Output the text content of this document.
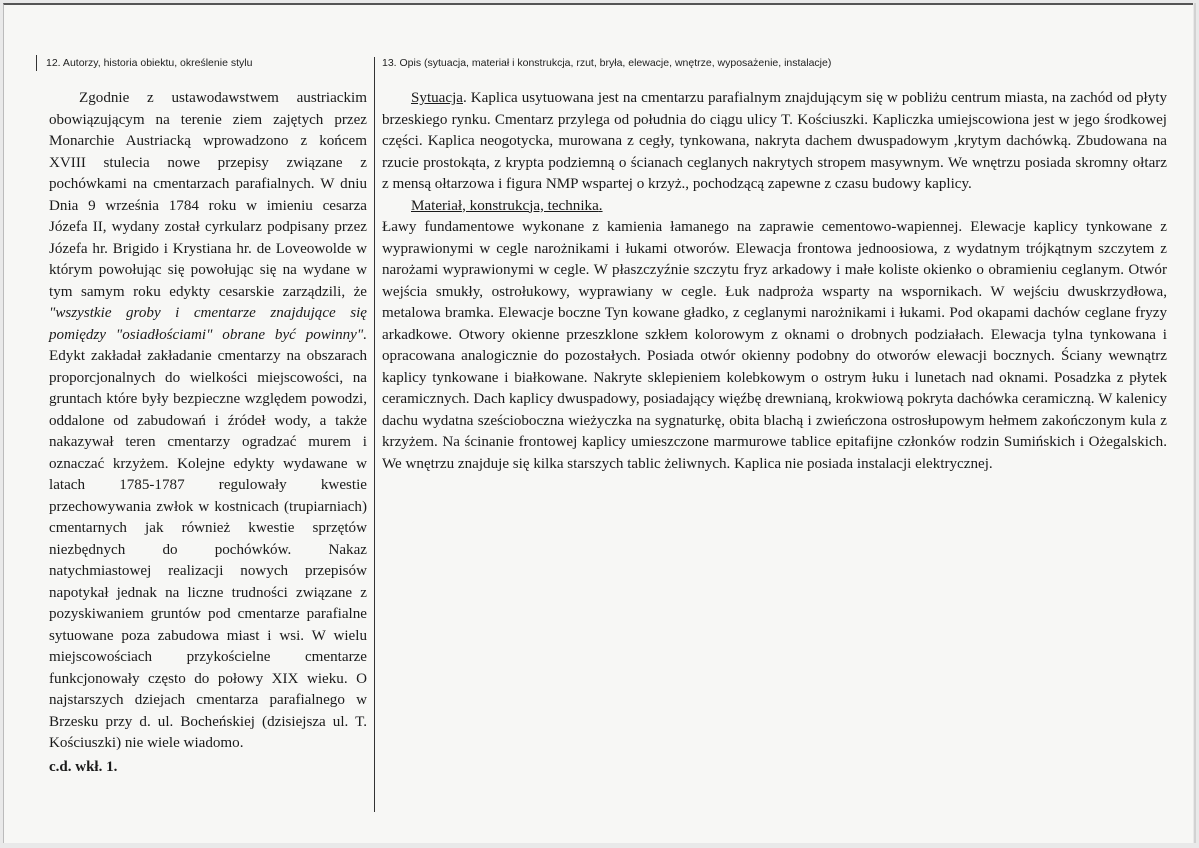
12. Autorzy, historia obiektu, określenie stylu	13. Opis (sytuacja, materiał i konstrukcja, rzut, bryła, elewacje, wnętrze, wyposażenie, instalacje)

Zgodnie z ustawodawstwem austriackim obowiązującym na terenie ziem zajętych przez Monarchie Austriacką wprowadzono z końcem XVIII stulecia nowe przepisy związane z pochówkami na cmentarzach parafialnych. W dniu Dnia 9 września 1784 roku w imieniu cesarza Józefa II, wydany został cyrkularz podpisany przez Józefa hr. Brigido i Krystiana hr. de Loveowolde w którym powołując się powołując się na wydane w tym samym roku edykty cesarskie zarządzili, że "wszystkie groby i cmentarze znajdujące się pomiędzy "osiadłościami" obrane być powinny". Edykt zakładał zakładanie cmentarzy na obszarach proporcjonalnych do wielkości miejscowości, na gruntach które były bezpieczne względem powodzi, oddalone od zabudowań i źródeł wody, a także nakazywał teren cmentarzy ogradzać murem i oznaczać krzyżem. Kolejne edykty wydawane w latach 1785-1787 regulowały kwestie przechowywania zwłok w kostnicach (trupiarniach) cmentarnych jak również kwestie sprzętów niezbędnych do pochówków. Nakaz natychmiastowej realizacji nowych przepisów napotykał jednak na liczne trudności związane z pozyskiwaniem gruntów pod cmentarze parafialne sytuowane poza zabudowa miast i wsi. W wielu miejscowościach przykościelne cmentarze funkcjonowały często do połowy XIX wieku. O najstarszych dziejach cmentarza parafialnego w Brzesku przy d. ul. Bocheńskiej (dzisiejsza ul. T. Kościuszki) nie wiele wiadomo.

c.d. wkł. 1.

Sytuacja. Kaplica usytuowana jest na cmentarzu parafialnym znajdującym się w pobliżu centrum miasta, na zachód od płyty brzeskiego rynku. Cmentarz przylega od południa do ciągu ulicy T. Kościuszki. Kapliczka umiejscowiona jest w jego środkowej części. Kaplica neogotycka, murowana z cegły, tynkowana, nakryta dachem dwuspadowym ,krytym dachówką. Zbudowana na rzucie prostokąta, z krypta podziemną o ścianach ceglanych nakrytych stropem masywnym. We wnętrzu posiada skromny ołtarz z mensą ołtarzowa i figura NMP wspartej o krzyż., pochodzącą zapewne z czasu budowy kaplicy.

Materiał, konstrukcja, technika.

Ławy fundamentowe wykonane z kamienia łamanego na zaprawie cementowo-wapiennej. Elewacje kaplicy tynkowane z wyprawionymi w cegle narożnikami i łukami otworów. Elewacja frontowa jednoosiowa, z wydatnym trójkątnym szczytem z narożami wyprawionymi w cegle. W płaszczyźnie szczytu fryz arkadowy i małe koliste okienko o obramieniu ceglanym. Otwór wejścia smukły, ostrołukowy, wyprawiany w cegle. Łuk nadproża wsparty na wspornikach. W wejściu dwuskrzydłowa, metalowa bramka. Elewacje boczne Tyn kowane gładko, z ceglanymi narożnikami i łukami. Pod okapami dachów ceglane fryzy arkadkowe. Otwory okienne przeszklone szkłem kolorowym z oknami o drobnych podziałach. Elewacja tylna tynkowana i opracowana analogicznie do pozostałych. Posiada otwór okienny podobny do otworów elewacji bocznych. Ściany wewnątrz kaplicy tynkowane i białkowane. Nakryte sklepieniem kolebkowym o ostrym łuku i lunetach nad oknami. Posadzka z płytek ceramicznych. Dach kaplicy dwuspadowy, posiadający więźbę drewnianą, krokwiową pokryta dachówka ceramiczną. W kalenicy dachu wydatna sześcioboczna wieżyczka na sygnaturkę, obita blachą i zwieńczona ostrosłupowym hełmem zakończonym kula z krzyżem. Na ścinanie frontowej kaplicy umieszczone marmurowe tablice epitafijne członków rodzin Sumińskich i Ożegalskich. We wnętrzu znajduje się kilka starszych tablic żeliwnych. Kaplica nie posiada instalacji elektrycznej.
